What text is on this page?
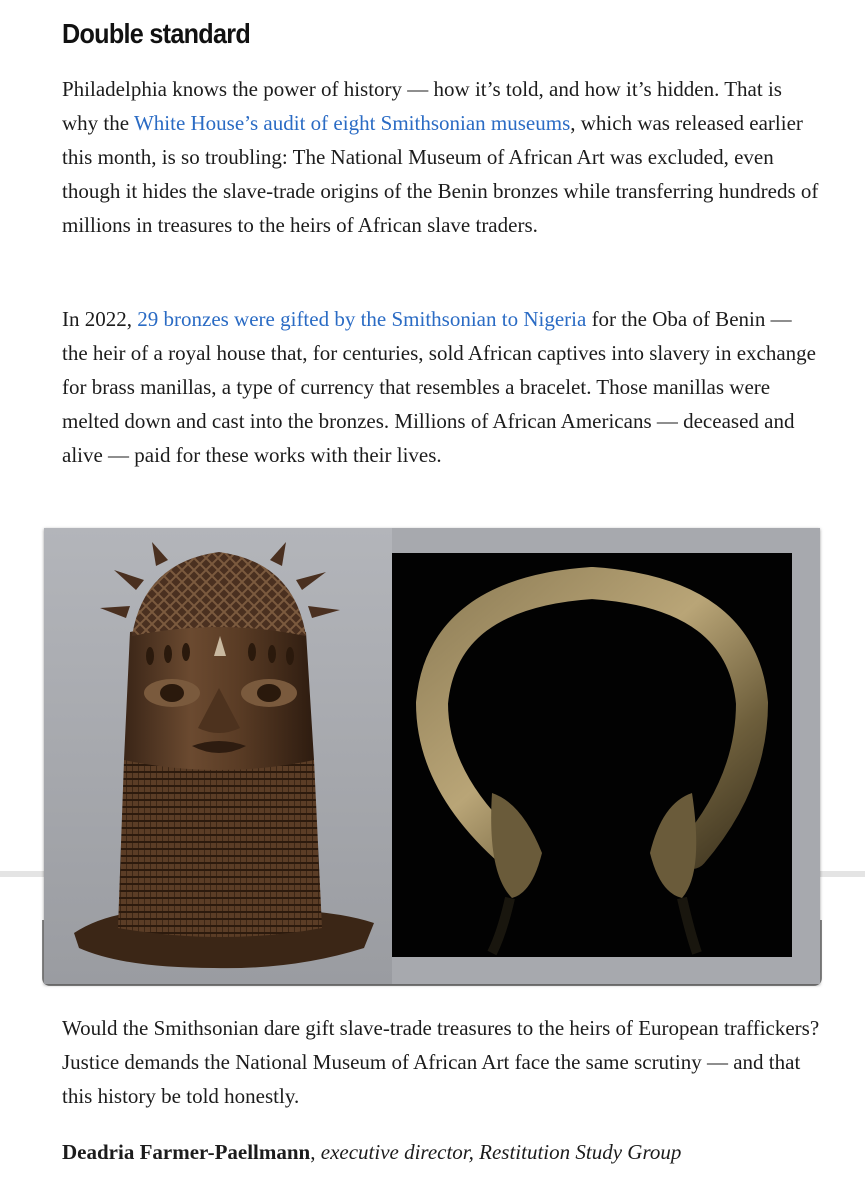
Double standard

Philadelphia knows the power of history — how it’s told, and how it’s hidden. That is why the White House’s audit of eight Smithsonian museums, which was released earlier this month, is so troubling: The National Museum of African Art was excluded, even though it hides the slave-trade origins of the Benin bronzes while transferring hundreds of millions in treasures to the heirs of African slave traders.

In 2022, 29 bronzes were gifted by the Smithsonian to Nigeria for the Oba of Benin — the heir of a royal house that, for centuries, sold African captives into slavery in exchange for brass manillas, a type of currency that resembles a bracelet. Those manillas were melted down and cast into the bronzes. Millions of African Americans — deceased and alive — paid for these works with their lives.

Would the Smithsonian dare gift slave-trade treasures to the heirs of European traffickers? Justice demands the National Museum of African Art face the same scrutiny — and that this history be told honestly.

Deadria Farmer-Paellmann, executive director, Restitution Study Group
